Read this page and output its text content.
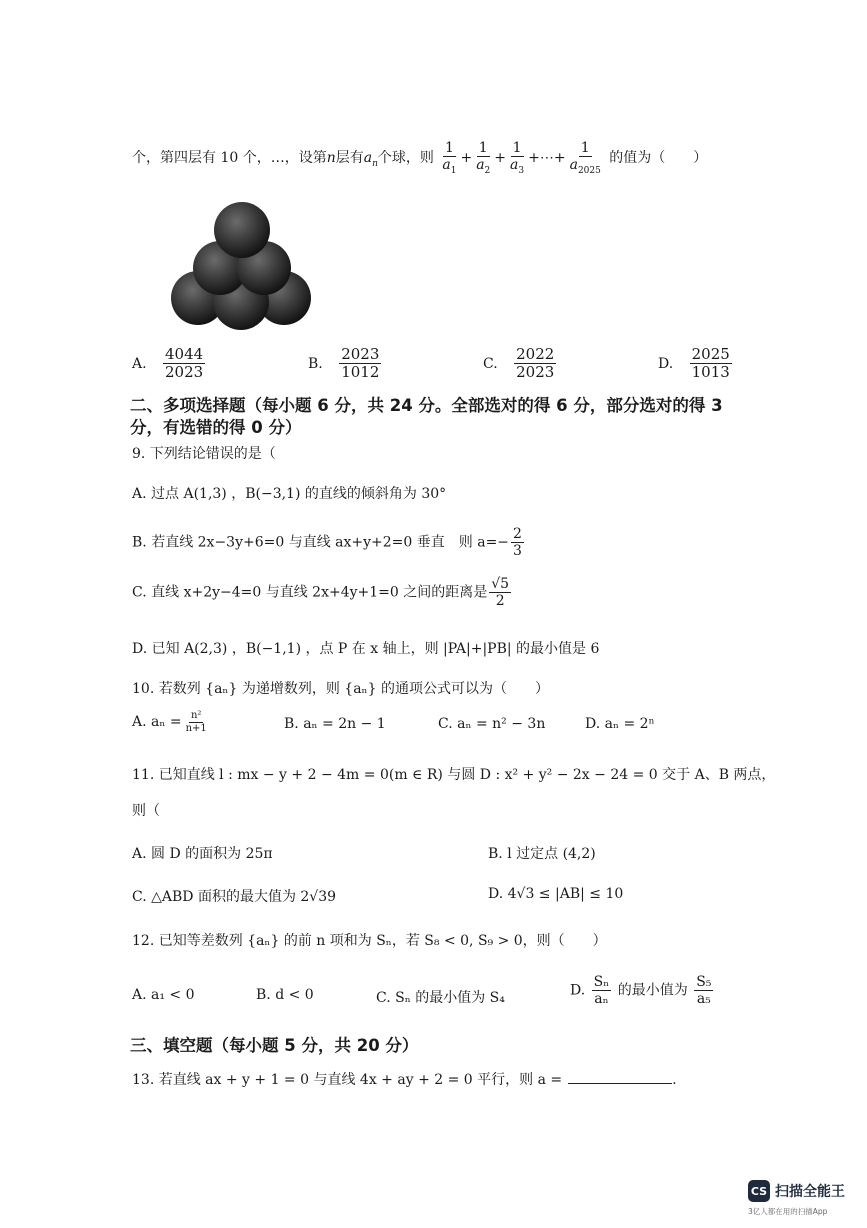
个，第四层有 10 个，…，设第n层有$a_n$个球，则 $\frac{1}{a_1} + \frac{1}{a_2} + \frac{1}{a_3}$ +⋯+ $\frac{1}{a_{2025}}$ 的值为（　　）
A. $\frac{4044}{2023}$	B. $\frac{2023}{1012}$	C. $\frac{2022}{2023}$	D. $\frac{2025}{1013}$
二、多项选择题（每小题 6 分，共 24 分。全部选对的得 6 分，部分选对的得 3
分，有选错的得 0 分）
9. 下列结论错误的是（
A. 过点 A(1,3) ，B(−3,1) 的直线的倾斜角为 30°
B. 若直线 2x−3y+6=0 与直线 ax+y+2=0 垂直　则 $a=- \frac{2}{3}$
C. 直线 x+2y−4=0 与直线 2x+4y+1=0 之间的距离是 $\frac{√5}{2}$
D. 已知 A(2,3) ，B(−1,1) ，点 P 在 x 轴上，则 |PA|+|PB| 的最小值是 6
10. 若数列 {aₙ} 为递增数列，则 {aₙ} 的通项公式可以为（　　）
A. $a_n = \frac{\text{n²}}{n+1}$	B. aₙ = 2n − 1	C. aₙ = n² − 3n	D. aₙ = 2ⁿ
11. 已知直线 l : mx − y + 2 − 4m = 0(m ∈ R) 与圆 D : x² + y² − 2x − 24 = 0 交于 A、B 两点，
则（
A. 圆 D 的面积为 25π	B. l 过定点 (4,2)
C. △ABD 面积的最大值为 2√39	D. 4√3 ≤ |AB| ≤ 10
12. 已知等差数列 {aₙ} 的前 n 项和为 Sₙ，若 S₈ < 0, S₉ > 0，则（　　）
A. a₁ < 0	B. d < 0	C. Sₙ 的最小值为 S₄	D. $\frac{\text{Sₙ}}{\text{aₙ}}$ 的最小值为 $\frac{\text{S₅}}{\text{a₅}}$
三、填空题（每小题 5 分，共 20 分）
13. 若直线 ax + y + 1 = 0 与直线 4x + ay + 2 = 0 平行，则 a =	.
CS 扫描全能王
3亿人都在用的扫描App
